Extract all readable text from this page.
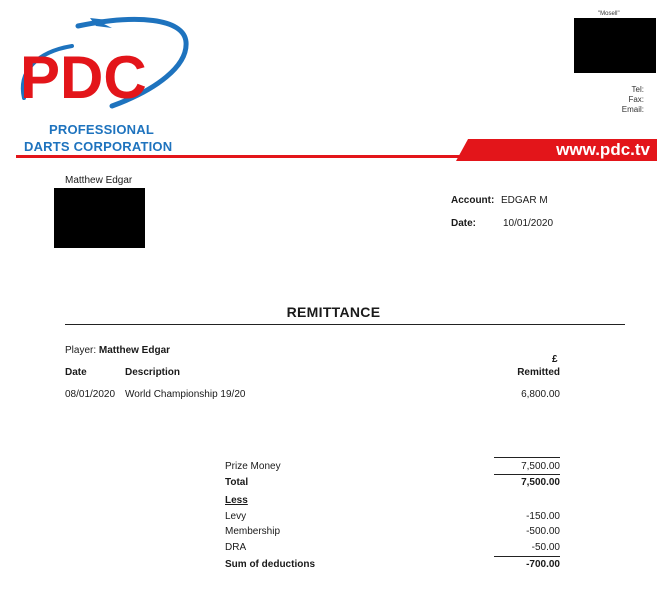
PDC
PROFESSIONAL
DARTS CORPORATION
"Mosell"
Tel:
Fax:
Email:
www.pdc.tv
Matthew Edgar
Account: EDGAR M
Date:	10/01/2020
REMITTANCE
Player: Matthew Edgar
£
Date	Description	Remitted
08/01/2020 World Championship 19/20	6,800.00
Prize Money	7,500.00
Total	7,500.00
Less
Levy	-150.00
Membership	-500.00
DRA	-50.00
Sum of deductions	-700.00
